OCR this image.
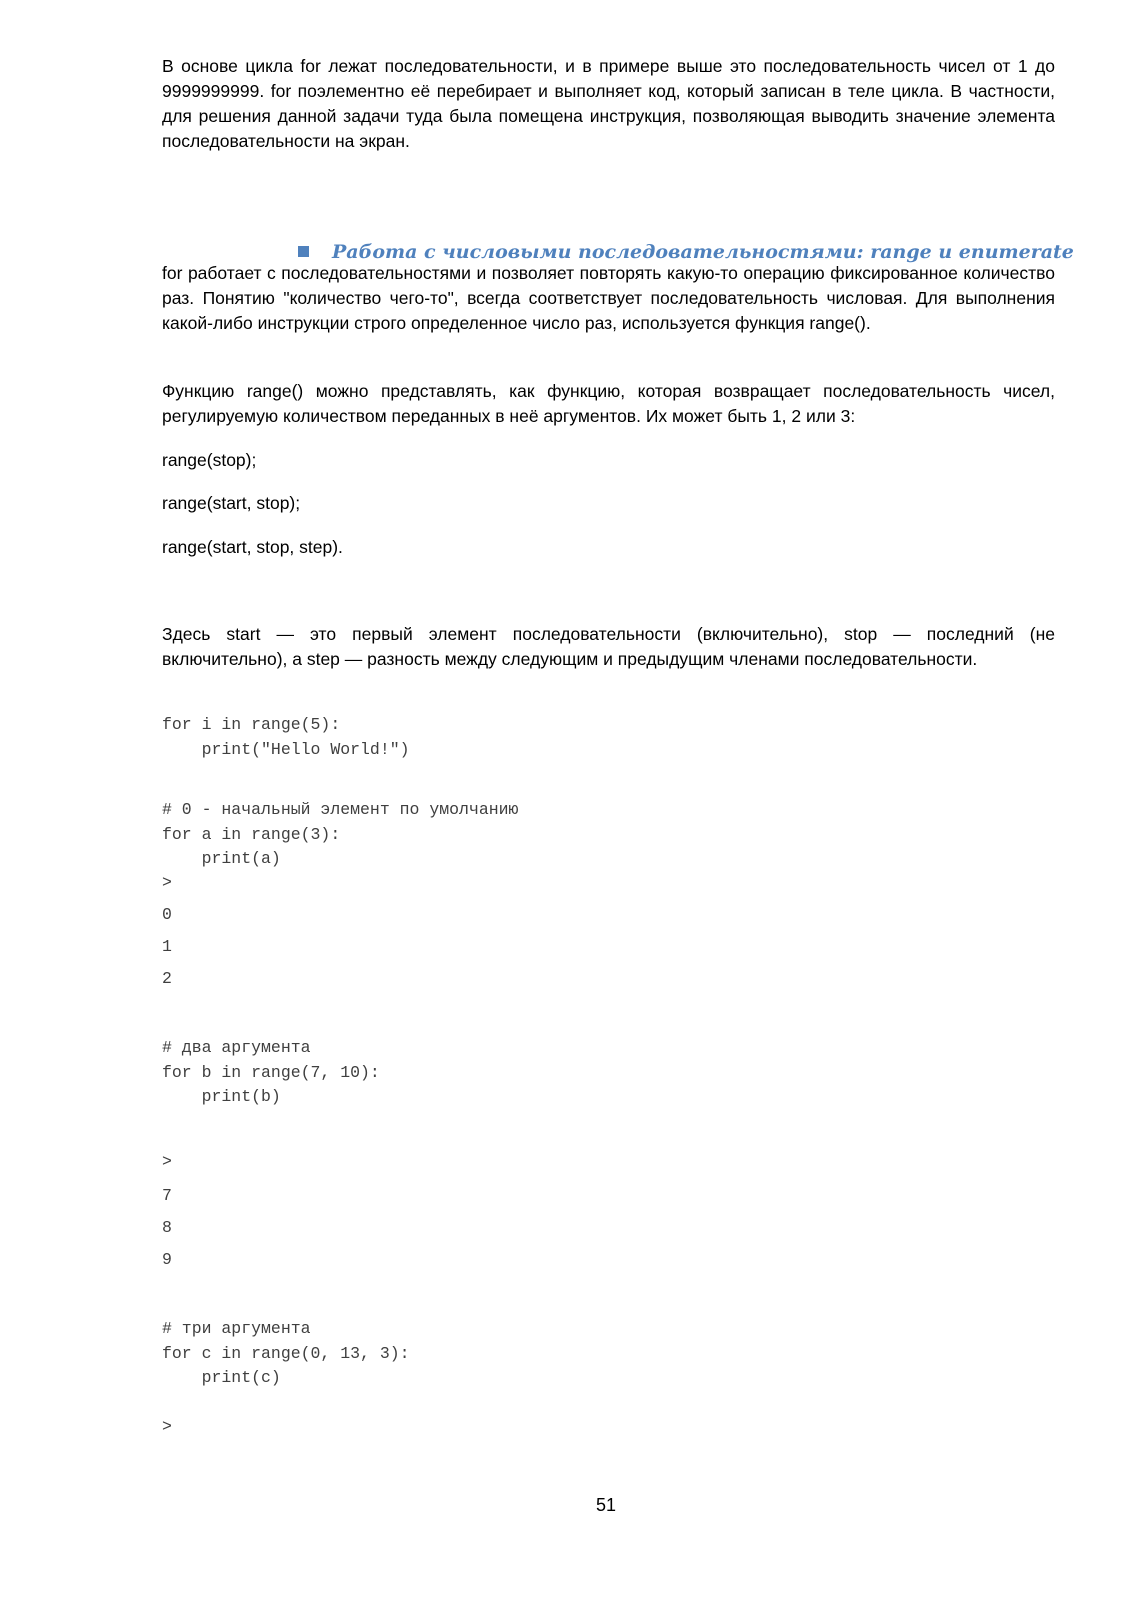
В основе цикла for лежат последовательности, и в примере выше это последовательность чисел от 1 до 9999999999. for поэлементно её перебирает и выполняет код, который записан в теле цикла. В частности, для решения данной задачи туда была помещена инструкция, позволяющая выводить значение элемента последовательности на экран.

Работа с числовыми последовательностями: range и enumerate

for работает с последовательностями и позволяет повторять какую-то операцию фиксированное количество раз. Понятию "количество чего-то", всегда соответствует последовательность числовая. Для выполнения какой-либо инструкции строго определенное число раз, используется функция range().

Функцию range() можно представлять, как функцию, которая возвращает последовательность чисел, регулируемую количеством переданных в неё аргументов. Их может быть 1, 2 или 3:

range(stop);

range(start, stop);

range(start, stop, step).

Здесь start — это первый элемент последовательности (включительно), stop — последний (не включительно), а step — разность между следующим и предыдущим членами последовательности.

for i in range(5):
print("Hello World!")
# 0 - начальный элемент по умолчанию
for a in range(3):
print(a)
>
0
1
2
# два аргумента
for b in range(7, 10):
print(b)
>
7
8
9
# три аргумента
for c in range(0, 13, 3):
print(c)
>
51
